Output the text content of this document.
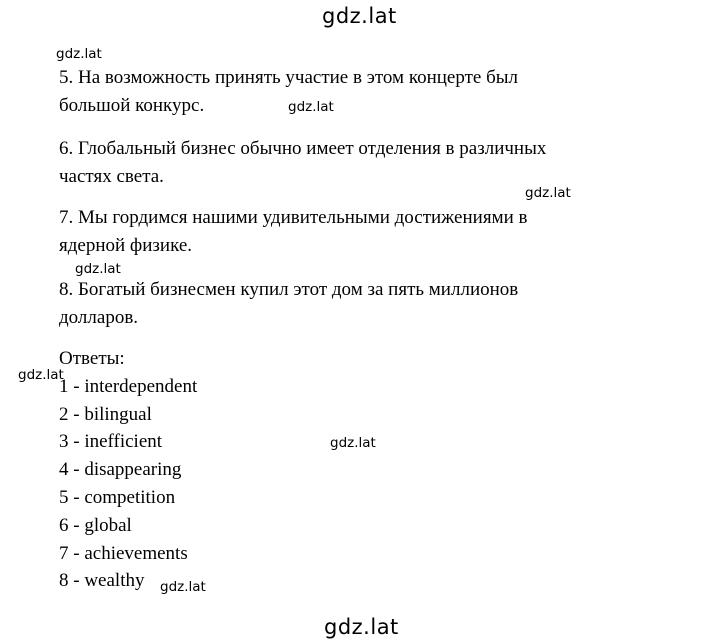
gdz.lat
gdz.lat
gdz.lat
gdz.lat
gdz.lat
gdz.lat
gdz.lat
gdz.lat
gdz.lat

5. На возможность принять участие в этом концерте был

большой конкурс.

6. Глобальный бизнес обычно имеет отделения в различных

частях света.

7. Мы гордимся нашими удивительными достижениями в

ядерной физике.

8. Богатый бизнесмен купил этот дом за пять миллионов

долларов.

Ответы:
1 - interdependent
2 - bilingual
3 - inefficient
4 - disappearing
5 - competition
6 - global
7 - achievements
8 - wealthy
